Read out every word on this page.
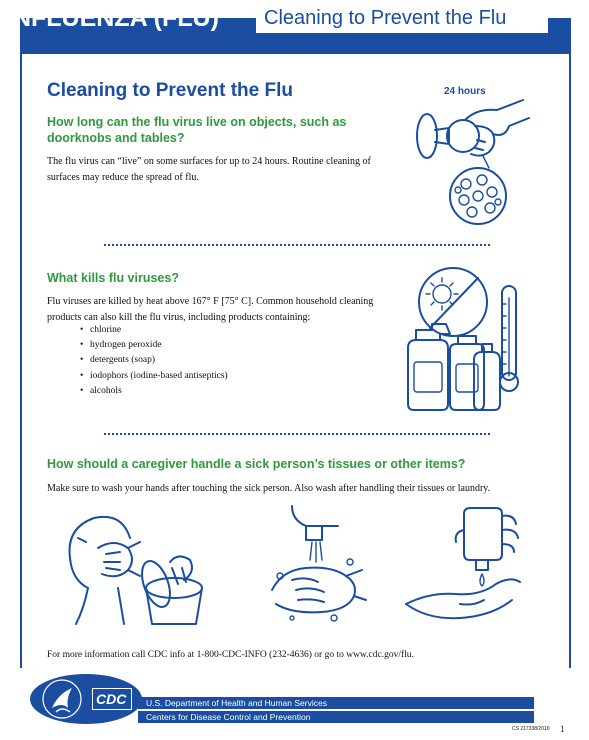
INFLUENZA (FLU) Cleaning to Prevent the Flu
Cleaning to Prevent the Flu
How long can the flu virus live on objects, such as doorknobs and tables?
The flu virus can “live” on some surfaces for up to 24 hours. Routine cleaning of surfaces may reduce the spread of flu.
24 hours
What kills flu viruses?
Flu viruses are killed by heat above 167° F [75° C]. Common household cleaning products can also kill the flu virus, including products containing:
• chlorine
• hydrogen peroxide
• detergents (soap)
• iodophors (iodine-based antiseptics)
• alcohols
How should a caregiver handle a sick person’s tissues or other items?
Make sure to wash your hands after touching the sick person. Also wash after handling their tissues or laundry.
For more information call CDC info at 1-800-CDC-INFO (232-4636) or go to www.cdc.gov/flu.
CDC U.S. Department of Health and Human Services
Centers for Disease Control and Prevention
CS 217338/2010 1
